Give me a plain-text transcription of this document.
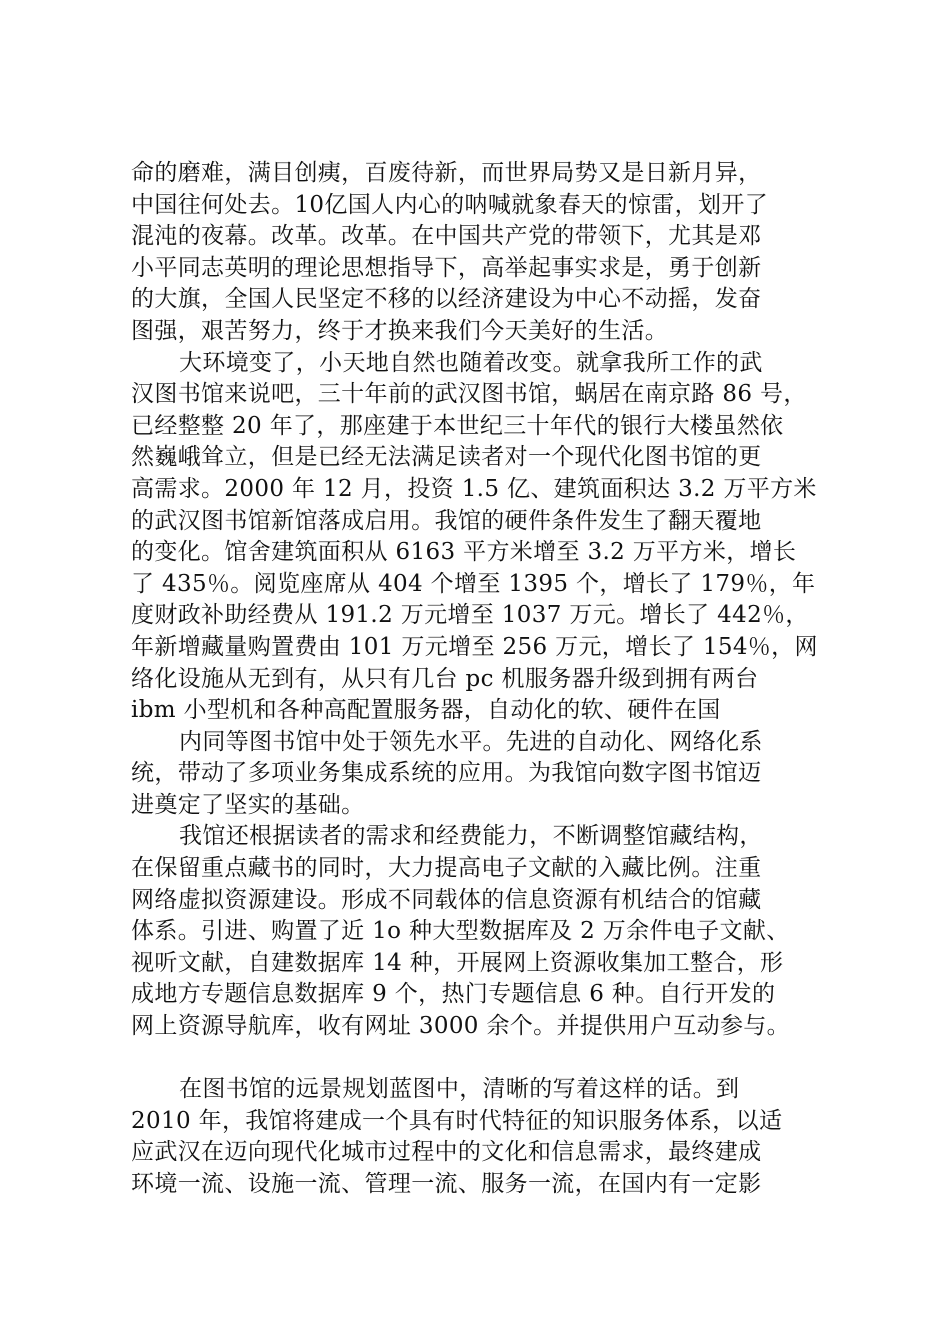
命的磨难，满目创痍，百废待新，而世界局势又是日新月异，
中国往何处去。10亿国人内心的呐喊就象春天的惊雷，划开了
混沌的夜幕。改革。改革。在中国共产党的带领下，尤其是邓
小平同志英明的理论思想指导下，高举起事实求是，勇于创新
的大旗，全国人民坚定不移的以经济建设为中心不动摇，发奋
图强，艰苦努力，终于才换来我们今天美好的生活。
大环境变了，小天地自然也随着改变。就拿我所工作的武
汉图书馆来说吧，三十年前的武汉图书馆，蜗居在南京路 86 号，
已经整整 20 年了，那座建于本世纪三十年代的银行大楼虽然依
然巍峨耸立，但是已经无法满足读者对一个现代化图书馆的更
高需求。2000 年 12 月，投资 1.5 亿、建筑面积达 3.2 万平方米
的武汉图书馆新馆落成启用。我馆的硬件条件发生了翻天覆地
的变化。馆舍建筑面积从 6163 平方米增至 3.2 万平方米，增长
了 435％。阅览座席从 404 个增至 1395 个，增长了 179％，年
度财政补助经费从 191.2 万元增至 1037 万元。增长了 442％，
年新增藏量购置费由 101 万元增至 256 万元，增长了 154％，网
络化设施从无到有，从只有几台 pc 机服务器升级到拥有两台
ibm 小型机和各种高配置服务器，自动化的软、硬件在国
内同等图书馆中处于领先水平。先进的自动化、网络化系
统，带动了多项业务集成系统的应用。为我馆向数字图书馆迈
进奠定了坚实的基础。
我馆还根据读者的需求和经费能力，不断调整馆藏结构，
在保留重点藏书的同时，大力提高电子文献的入藏比例。注重
网络虚拟资源建设。形成不同载体的信息资源有机结合的馆藏
体系。引进、购置了近 1o 种大型数据库及 2 万余件电子文献、
视听文献，自建数据库 14 种，开展网上资源收集加工整合，形
成地方专题信息数据库 9 个，热门专题信息 6 种。自行开发的
网上资源导航库，收有网址 3000 余个。并提供用户互动参与。
在图书馆的远景规划蓝图中，清晰的写着这样的话。到
2010 年，我馆将建成一个具有时代特征的知识服务体系，以适
应武汉在迈向现代化城市过程中的文化和信息需求，最终建成
环境一流、设施一流、管理一流、服务一流，在国内有一定影
